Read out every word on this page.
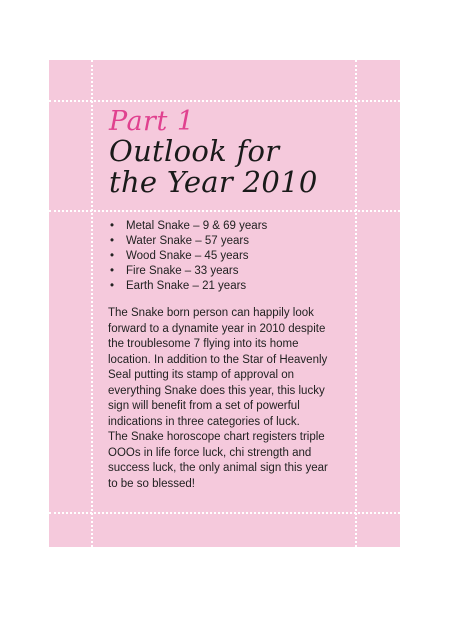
Part 1
Outlook for
the Year 2010
• Metal Snake – 9 & 69 years
• Water Snake – 57 years
• Wood Snake – 45 years
• Fire Snake – 33 years
• Earth Snake – 21 years

The Snake born person can happily look forward to a dynamite year in 2010 despite the troublesome 7 flying into its home location. In addition to the Star of Heavenly Seal putting its stamp of approval on everything Snake does this year, this lucky sign will benefit from a set of powerful indications in three categories of luck.

The Snake horoscope chart registers triple OOOs in life force luck, chi strength and success luck, the only animal sign this year to be so blessed!
